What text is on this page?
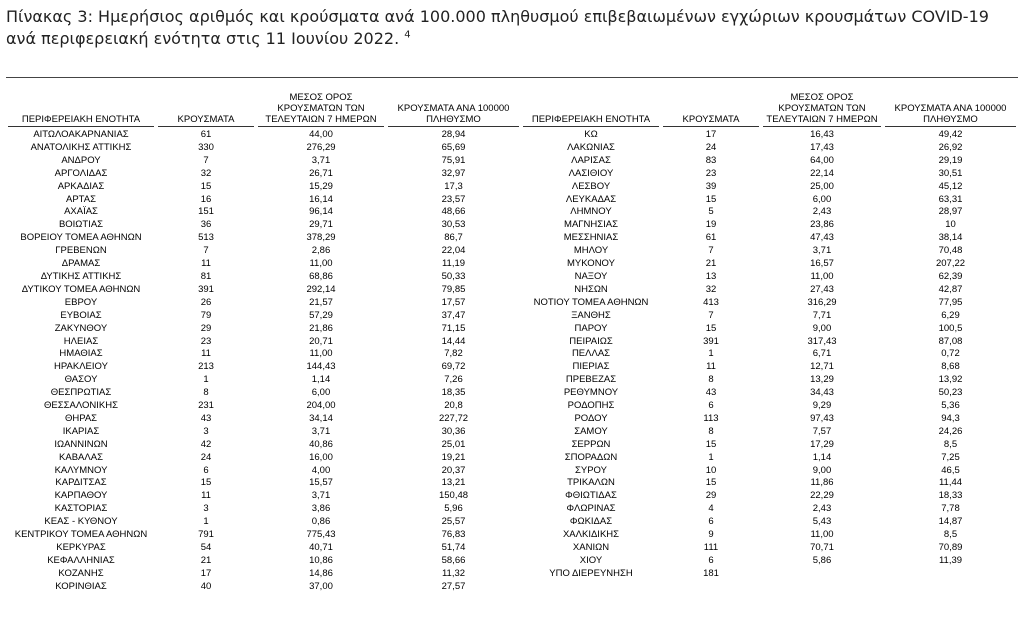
Πίνακας 3: Ημερήσιος αριθμός και κρούσματα ανά 100.000 πληθυσμού επιβεβαιωμένων εγχώριων κρουσμάτων COVID-19 ανά περιφερειακή ενότητα στις 11 Ιουνίου 2022. $^4$
ΠΕΡΙΦΕΡΕΙΑΚΗ ΕΝΟΤΗΤΑ	ΚΡΟΥΣΜΑΤΑ	ΜΕΣΟΣ ΟΡΟΣ ΚΡΟΥΣΜΑΤΩΝ ΤΩΝ ΤΕΛΕΥΤΑΙΩΝ 7 ΗΜΕΡΩΝ	ΚΡΟΥΣΜΑΤΑ ΑΝΑ 100000 ΠΛΗΘΥΣΜΟ

ΑΙΤΩΛΟΑΚΑΡΝΑΝΙΑΣ	61	44,00	28,94
ΑΝΑΤΟΛΙΚΗΣ ΑΤΤΙΚΗΣ	330	276,29	65,69
ΑΝΔΡΟΥ	7	3,71	75,91
ΑΡΓΟΛΙΔΑΣ	32	26,71	32,97
ΑΡΚΑΔΙΑΣ	15	15,29	17,3
ΑΡΤΑΣ	16	16,14	23,57
ΑΧΑΪΑΣ	151	96,14	48,66
ΒΟΙΩΤΙΑΣ	36	29,71	30,53
ΒΟΡΕΙΟΥ ΤΟΜΕΑ ΑΘΗΝΩΝ	513	378,29	86,7
ΓΡΕΒΕΝΩΝ	7	2,86	22,04
ΔΡΑΜΑΣ	11	11,00	11,19
ΔΥΤΙΚΗΣ ΑΤΤΙΚΗΣ	81	68,86	50,33
ΔΥΤΙΚΟΥ ΤΟΜΕΑ ΑΘΗΝΩΝ	391	292,14	79,85
ΕΒΡΟΥ	26	21,57	17,57
ΕΥΒΟΙΑΣ	79	57,29	37,47
ΖΑΚΥΝΘΟΥ	29	21,86	71,15
ΗΛΕΙΑΣ	23	20,71	14,44
ΗΜΑΘΙΑΣ	11	11,00	7,82
ΗΡΑΚΛΕΙΟΥ	213	144,43	69,72
ΘΑΣΟΥ	1	1,14	7,26
ΘΕΣΠΡΩΤΙΑΣ	8	6,00	18,35
ΘΕΣΣΑΛΟΝΙΚΗΣ	231	204,00	20,8
ΘΗΡΑΣ	43	34,14	227,72
ΙΚΑΡΙΑΣ	3	3,71	30,36
ΙΩΑΝΝΙΝΩΝ	42	40,86	25,01
ΚΑΒΑΛΑΣ	24	16,00	19,21
ΚΑΛΥΜΝΟΥ	6	4,00	20,37
ΚΑΡΔΙΤΣΑΣ	15	15,57	13,21
ΚΑΡΠΑΘΟΥ	11	3,71	150,48
ΚΑΣΤΟΡΙΑΣ	3	3,86	5,96
ΚΕΑΣ - ΚΥΘΝΟΥ	1	0,86	25,57
ΚΕΝΤΡΙΚΟΥ ΤΟΜΕΑ ΑΘΗΝΩΝ	791	775,43	76,83
ΚΕΡΚΥΡΑΣ	54	40,71	51,74
ΚΕΦΑΛΛΗΝΙΑΣ	21	10,86	58,66
ΚΟΖΑΝΗΣ	17	14,86	11,32
ΚΟΡΙΝΘΙΑΣ	40	37,00	27,57
ΠΕΡΙΦΕΡΕΙΑΚΗ ΕΝΟΤΗΤΑ	ΚΡΟΥΣΜΑΤΑ	ΜΕΣΟΣ ΟΡΟΣ ΚΡΟΥΣΜΑΤΩΝ ΤΩΝ ΤΕΛΕΥΤΑΙΩΝ 7 ΗΜΕΡΩΝ	ΚΡΟΥΣΜΑΤΑ ΑΝΑ 100000 ΠΛΗΘΥΣΜΟ

ΚΩ	17	16,43	49,42
ΛΑΚΩΝΙΑΣ	24	17,43	26,92
ΛΑΡΙΣΑΣ	83	64,00	29,19
ΛΑΣΙΘΙΟΥ	23	22,14	30,51
ΛΕΣΒΟΥ	39	25,00	45,12
ΛΕΥΚΑΔΑΣ	15	6,00	63,31
ΛΗΜΝΟΥ	5	2,43	28,97
ΜΑΓΝΗΣΙΑΣ	19	23,86	10
ΜΕΣΣΗΝΙΑΣ	61	47,43	38,14
ΜΗΛΟΥ	7	3,71	70,48
ΜΥΚΟΝΟΥ	21	16,57	207,22
ΝΑΞΟΥ	13	11,00	62,39
ΝΗΣΩΝ	32	27,43	42,87
ΝΟΤΙΟΥ ΤΟΜΕΑ ΑΘΗΝΩΝ	413	316,29	77,95
ΞΑΝΘΗΣ	7	7,71	6,29
ΠΑΡΟΥ	15	9,00	100,5
ΠΕΙΡΑΙΩΣ	391	317,43	87,08
ΠΕΛΛΑΣ	1	6,71	0,72
ΠΙΕΡΙΑΣ	11	12,71	8,68
ΠΡΕΒΕΖΑΣ	8	13,29	13,92
ΡΕΘΥΜΝΟΥ	43	34,43	50,23
ΡΟΔΟΠΗΣ	6	9,29	5,36
ΡΟΔΟΥ	113	97,43	94,3
ΣΑΜΟΥ	8	7,57	24,26
ΣΕΡΡΩΝ	15	17,29	8,5
ΣΠΟΡΑΔΩΝ	1	1,14	7,25
ΣΥΡΟΥ	10	9,00	46,5
ΤΡΙΚΑΛΩΝ	15	11,86	11,44
ΦΘΙΩΤΙΔΑΣ	29	22,29	18,33
ΦΛΩΡΙΝΑΣ	4	2,43	7,78
ΦΩΚΙΔΑΣ	6	5,43	14,87
ΧΑΛΚΙΔΙΚΗΣ	9	11,00	8,5
ΧΑΝΙΩΝ	111	70,71	70,89
ΧΙΟΥ	6	5,86	11,39
ΥΠΟ ΔΙΕΡΕΥΝΗΣΗ	181		
